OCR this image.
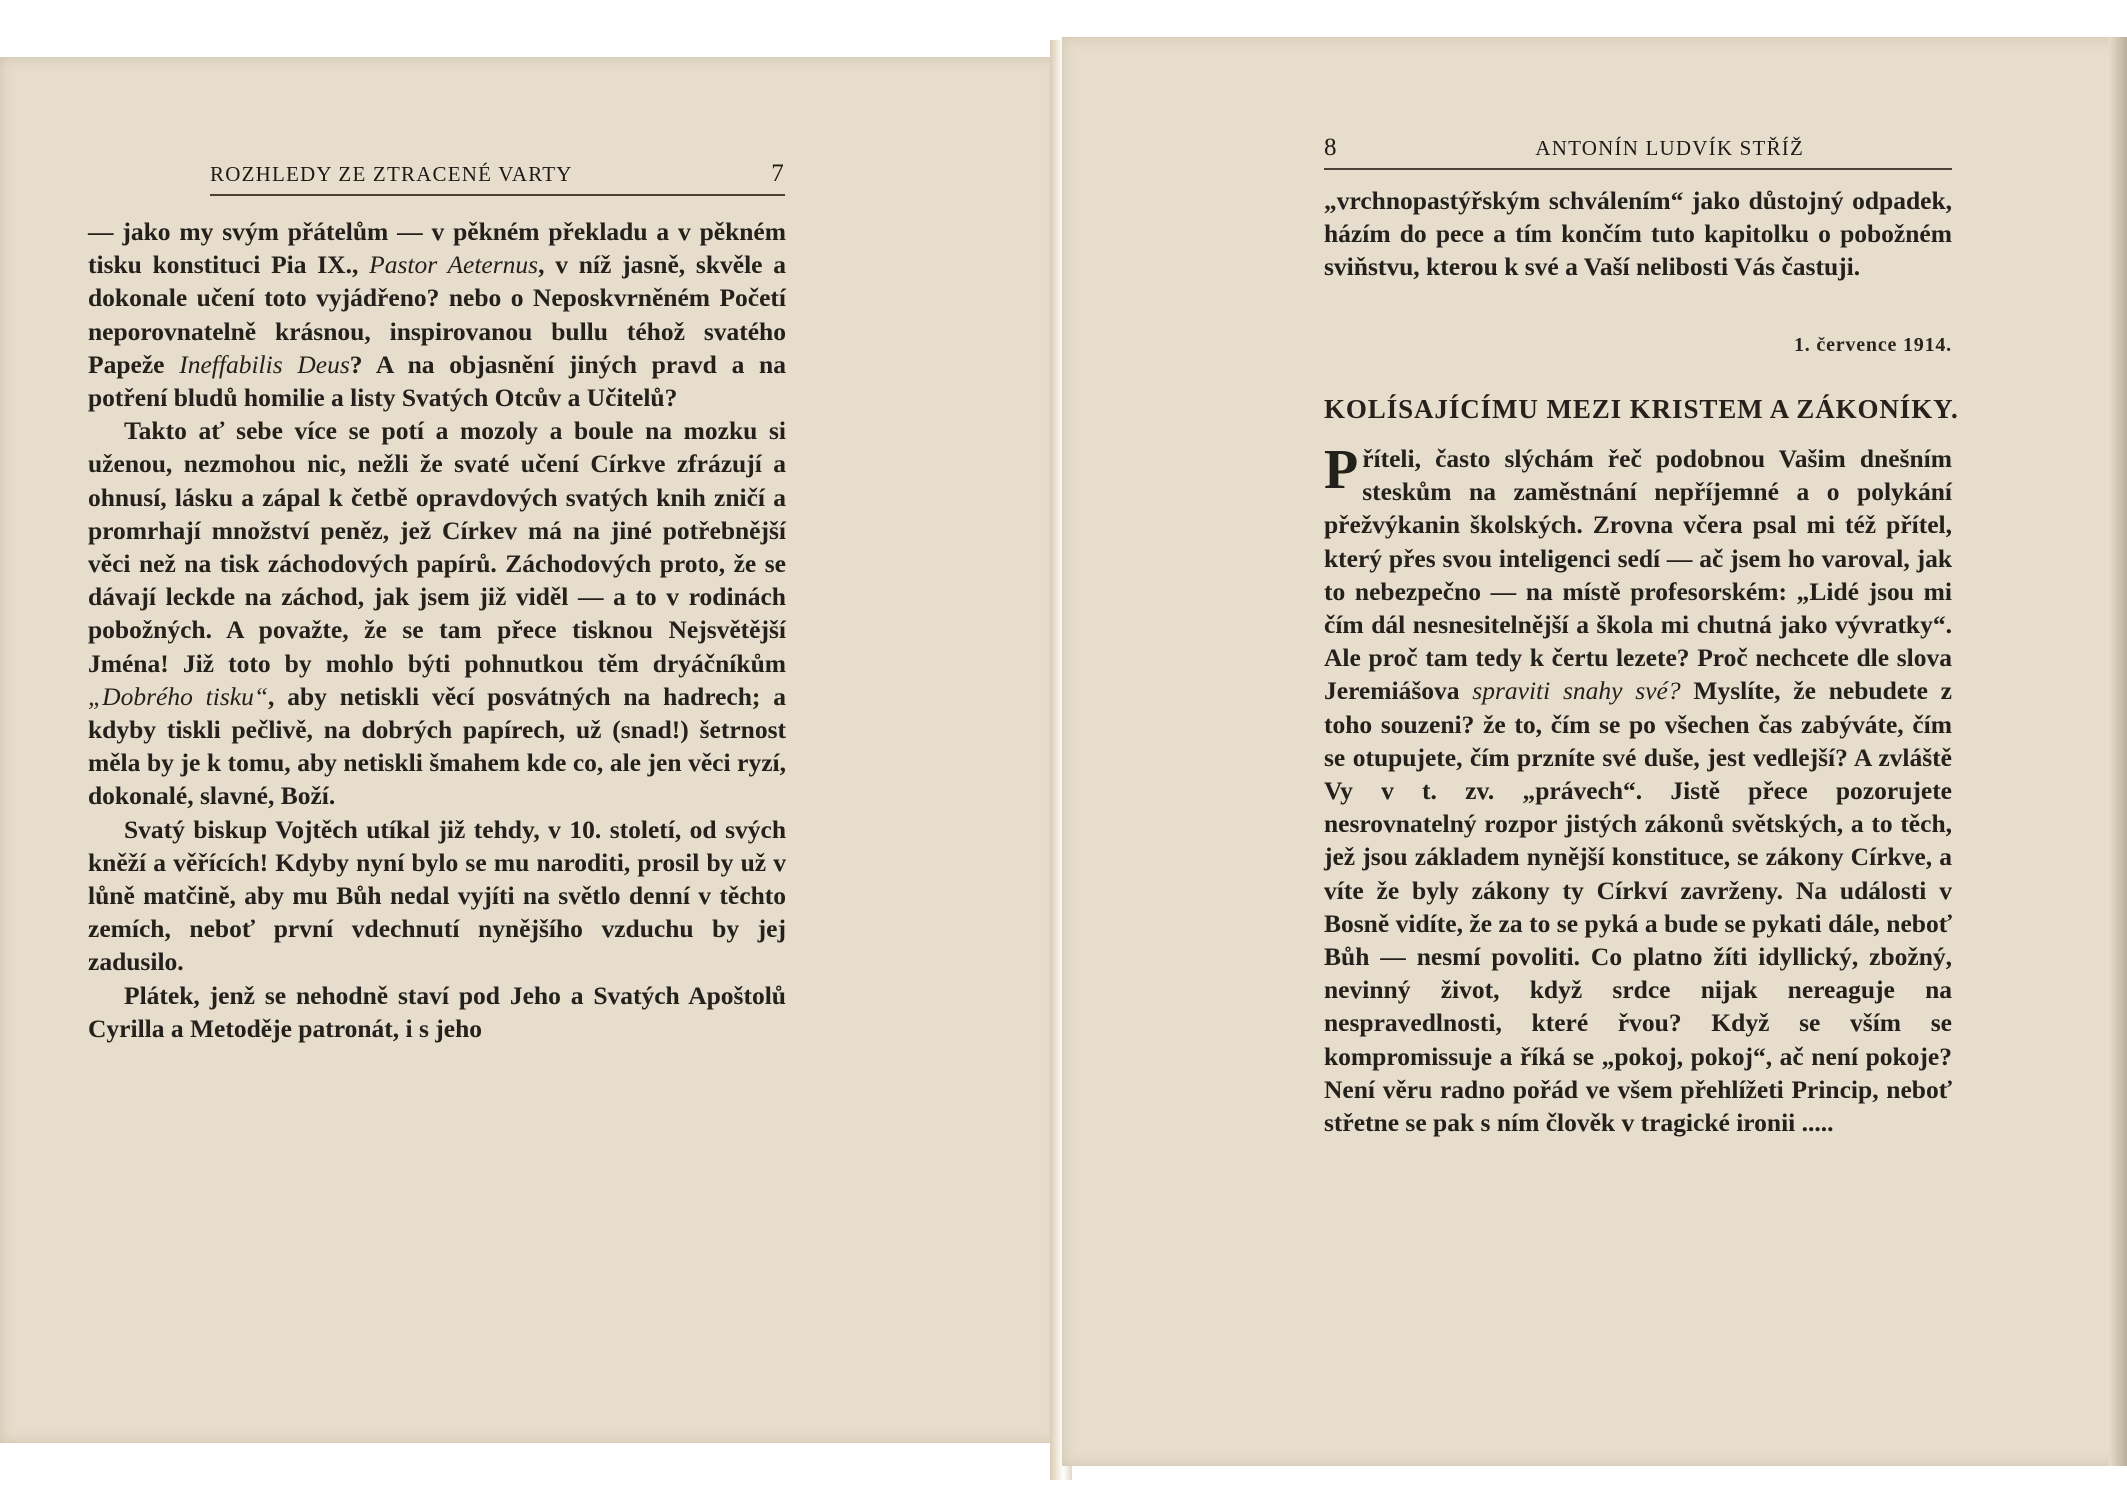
ROZHLEDY ZE ZTRACENÉ VARTY	7

— jako my svým přátelům — v pěkném překladu a v pěkném tisku konstituci Pia IX., Pastor Aeternus, v níž jasně, skvěle a dokonale učení toto vyjádřeno? nebo o Neposkvrněném Početí neporovnatelně krásnou, inspirovanou bullu téhož svatého Papeže Ineffabilis Deus? A na objasnění jiných pravd a na potření bludů homilie a listy Svatých Otcův a Učitelů?

Takto ať sebe více se potí a mozoly a boule na mozku si uženou, nezmohou nic, nežli že svaté učení Církve zfrázují a ohnusí, lásku a zápal k četbě opravdových svatých knih zničí a promrhají množství peněz, jež Církev má na jiné potřebnější věci než na tisk záchodových papírů. Záchodových proto, že se dávají leckde na záchod, jak jsem již viděl — a to v rodinách pobožných. A považte, že se tam přece tisknou Nejsvětější Jména! Již toto by mohlo býti pohnutkou těm dryáčníkům „Dobrého tisku“, aby netiskli věcí posvátných na hadrech; a kdyby tiskli pečlivě, na dobrých papírech, už (snad!) šetrnost měla by je k tomu, aby netiskli šmahem kde co, ale jen věci ryzí, dokonalé, slavné, Boží.

Svatý biskup Vojtěch utíkal již tehdy, v 10. století, od svých kněží a věřících! Kdyby nyní bylo se mu naroditi, prosil by už v lůně matčině, aby mu Bůh nedal vyjíti na světlo denní v těchto zemích, neboť první vdechnutí nynějšího vzduchu by jej zadusilo.

Plátek, jenž se nehodně staví pod Jeho a Svatých Apoštolů Cyrilla a Metoděje patronát, i s jeho

8	ANTONÍN LUDVÍK STŘÍŽ

„vrchnopastýřským schválením“ jako důstojný odpadek, házím do pece a tím končím tuto kapitolku o pobožném sviňstvu, kterou k své a Vaší nelibosti Vás častuji.

1. července 1914.
KOLÍSAJÍCÍMU MEZI KRISTEM A ZÁKONÍKY.

Příteli, často slýchám řeč podobnou Vašim dnešním steskům na zaměstnání nepříjemné a o polykání přežvýkanin školských. Zrovna včera psal mi též přítel, který přes svou inteligenci sedí — ač jsem ho varoval, jak to nebezpečno — na místě profesorském: „Lidé jsou mi čím dál nesnesitelnější a škola mi chutná jako vývratky“. Ale proč tam tedy k čertu lezete? Proč nechcete dle slova Jeremiášova spraviti snahy své? Myslíte, že nebudete z toho souzeni? že to, čím se po všechen čas zabýváte, čím se otupujete, čím przníte své duše, jest vedlejší? A zvláště Vy v t. zv. „právech“. Jistě přece pozorujete nesrovnatelný rozpor jistých zákonů světských, a to těch, jež jsou základem nynější konstituce, se zákony Církve, a víte že byly zákony ty Církví zavrženy. Na události v Bosně vidíte, že za to se pyká a bude se pykati dále, neboť Bůh — nesmí povoliti. Co platno žíti idyllický, zbožný, nevinný život, když srdce nijak nereaguje na nespravedlnosti, které řvou? Když se vším se kompromissuje a říká se „pokoj, pokoj“, ač není pokoje? Není věru radno pořád ve všem přehlížeti Princip, neboť střetne se pak s ním člověk v tragické ironii .....
